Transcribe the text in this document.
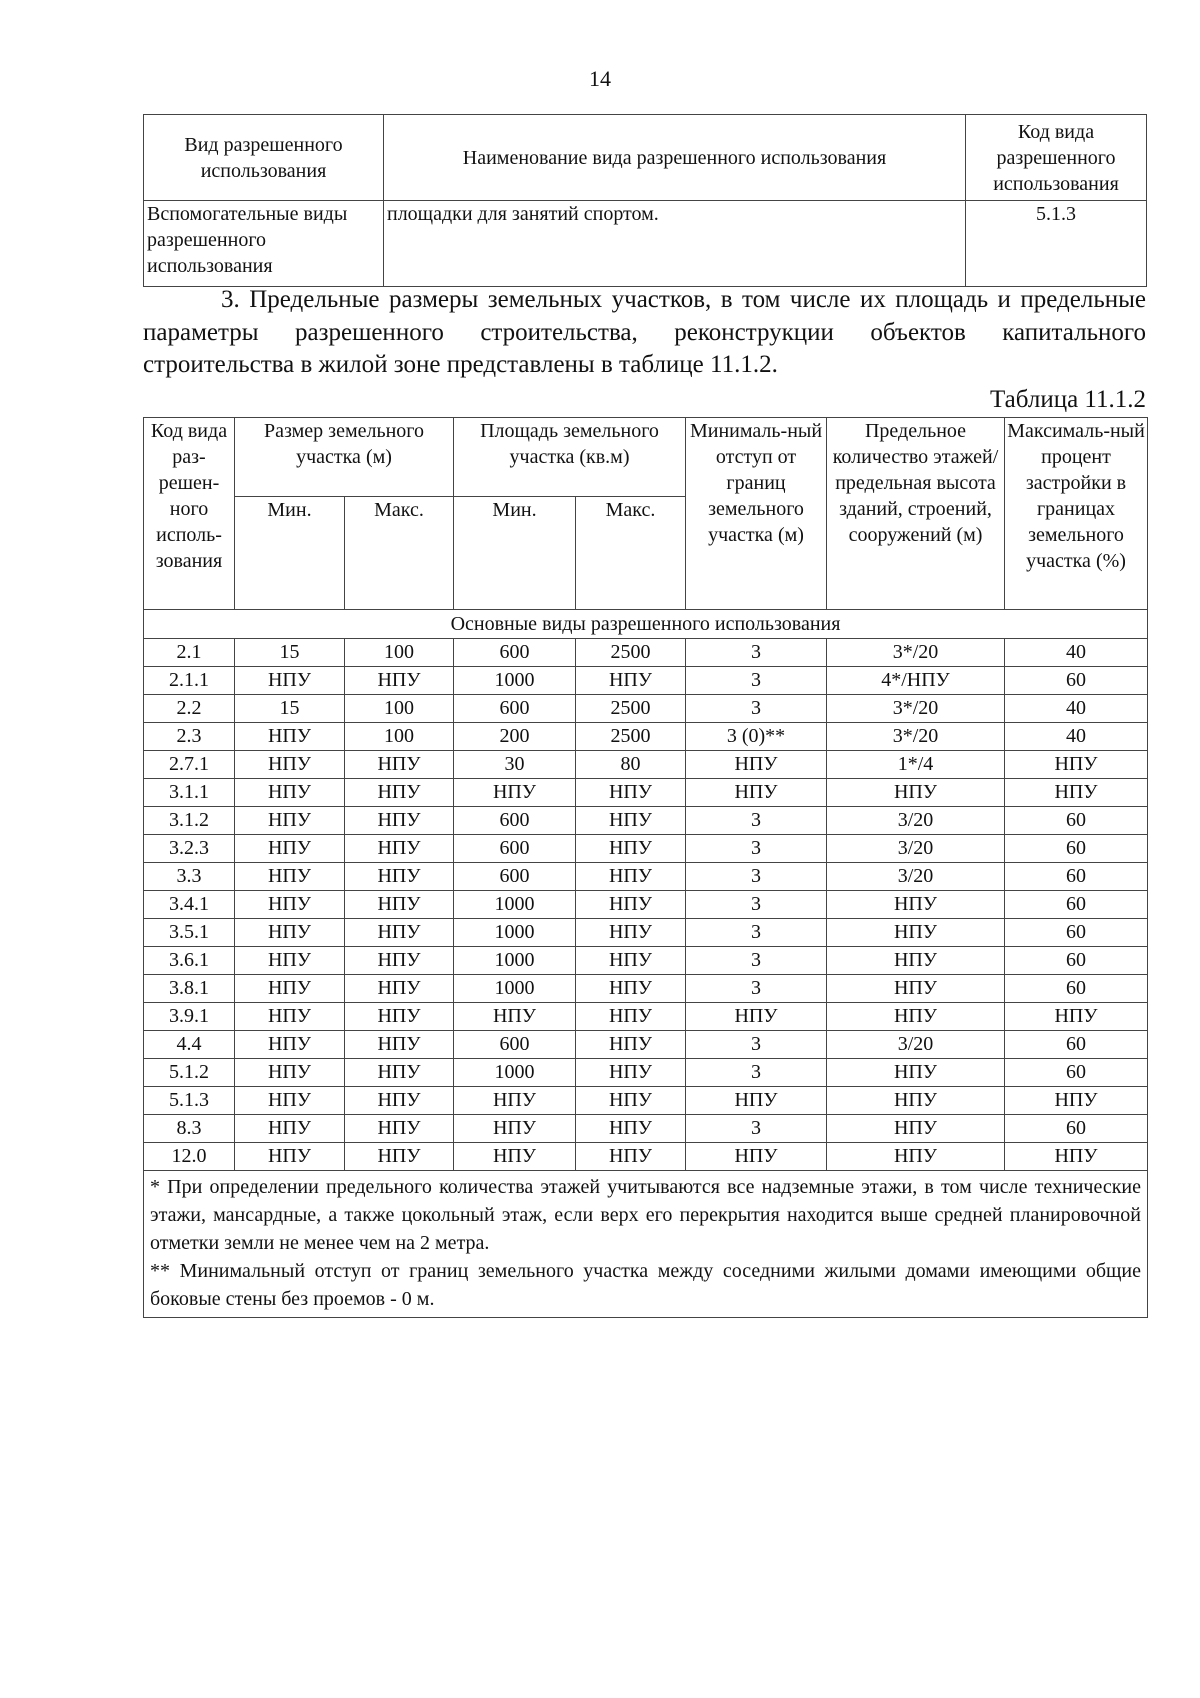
14
Вид разрешенного использования	Наименование вида разрешенного использования	Код вида разрешенного использования
Вспомогательные виды разрешенного использования	площадки для занятий спортом.	5.1.3

3. Предельные размеры земельных участков, в том числе их площадь и предельные параметры разрешенного строительства, реконструкции объектов капитального строительства в жилой зоне представлены в таблице 11.1.2.

Таблица 11.1.2
Код вида раз-решен-ного исполь-зования	Размер земельного участка (м)		Площадь земельного участка (кв.м)		Минималь-ный отступ от границ земельного участка (м)	Предельное количество этажей/ предельная высота зданий, строений, сооружений (м)	Максималь-ный процент застройки в границах земельного участка (%)
	Мин.	Макс.	Мин.	Макс.			
Основные виды разрешенного использования							
2.1	15	100	600	2500	3	3*/20	40
2.1.1	НПУ	НПУ	1000	НПУ	3	4*/НПУ	60
2.2	15	100	600	2500	3	3*/20	40
2.3	НПУ	100	200	2500	3 (0)**	3*/20	40
2.7.1	НПУ	НПУ	30	80	НПУ	1*/4	НПУ
3.1.1	НПУ	НПУ	НПУ	НПУ	НПУ	НПУ	НПУ
3.1.2	НПУ	НПУ	600	НПУ	3	3/20	60
3.2.3	НПУ	НПУ	600	НПУ	3	3/20	60
3.3	НПУ	НПУ	600	НПУ	3	3/20	60
3.4.1	НПУ	НПУ	1000	НПУ	3	НПУ	60
3.5.1	НПУ	НПУ	1000	НПУ	3	НПУ	60
3.6.1	НПУ	НПУ	1000	НПУ	3	НПУ	60
3.8.1	НПУ	НПУ	1000	НПУ	3	НПУ	60
3.9.1	НПУ	НПУ	НПУ	НПУ	НПУ	НПУ	НПУ
4.4	НПУ	НПУ	600	НПУ	3	3/20	60
5.1.2	НПУ	НПУ	1000	НПУ	3	НПУ	60
5.1.3	НПУ	НПУ	НПУ	НПУ	НПУ	НПУ	НПУ
8.3	НПУ	НПУ	НПУ	НПУ	3	НПУ	60
12.0	НПУ	НПУ	НПУ	НПУ	НПУ	НПУ	НПУ

* При определении предельного количества этажей учитываются все надземные этажи, в том числе технические этажи, мансардные, а также цокольный этаж, если верх его перекрытия находится выше средней планировочной отметки земли не менее чем на 2 метра.

** Минимальный отступ от границ земельного участка между соседними жилыми домами имеющими общие боковые стены без проемов - 0 м.							
